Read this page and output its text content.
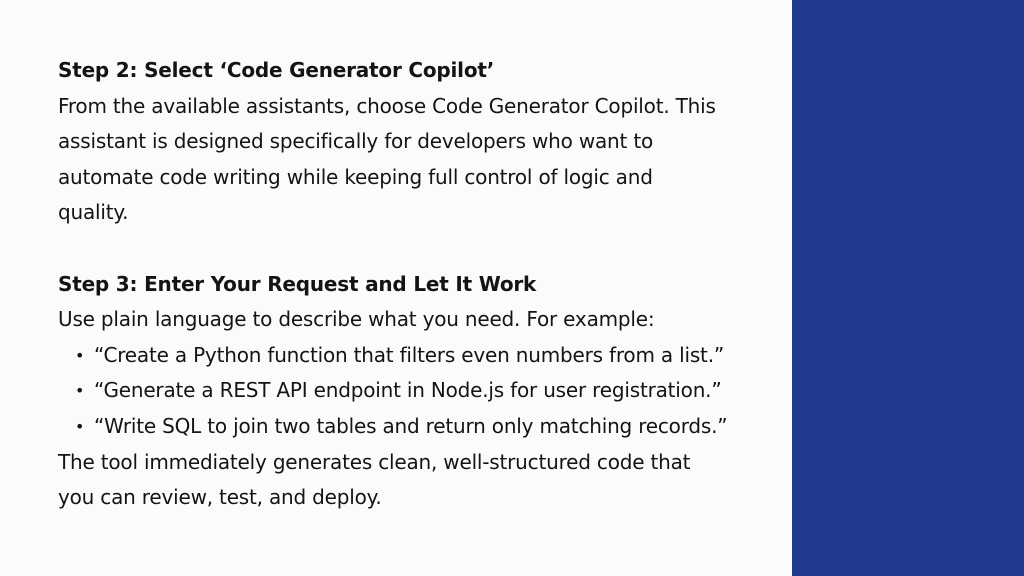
Step 2: Select ‘Code Generator Copilot’

From the available assistants, choose Code Generator Copilot. This

assistant is designed specifically for developers who want to

automate code writing while keeping full control of logic and

quality.

Step 3: Enter Your Request and Let It Work

Use plain language to describe what you need. For example:

• “Create a Python function that filters even numbers from a list.”
• “Generate a REST API endpoint in Node.js for user registration.”
• “Write SQL to join two tables and return only matching records.”

The tool immediately generates clean, well-structured code that

you can review, test, and deploy.
